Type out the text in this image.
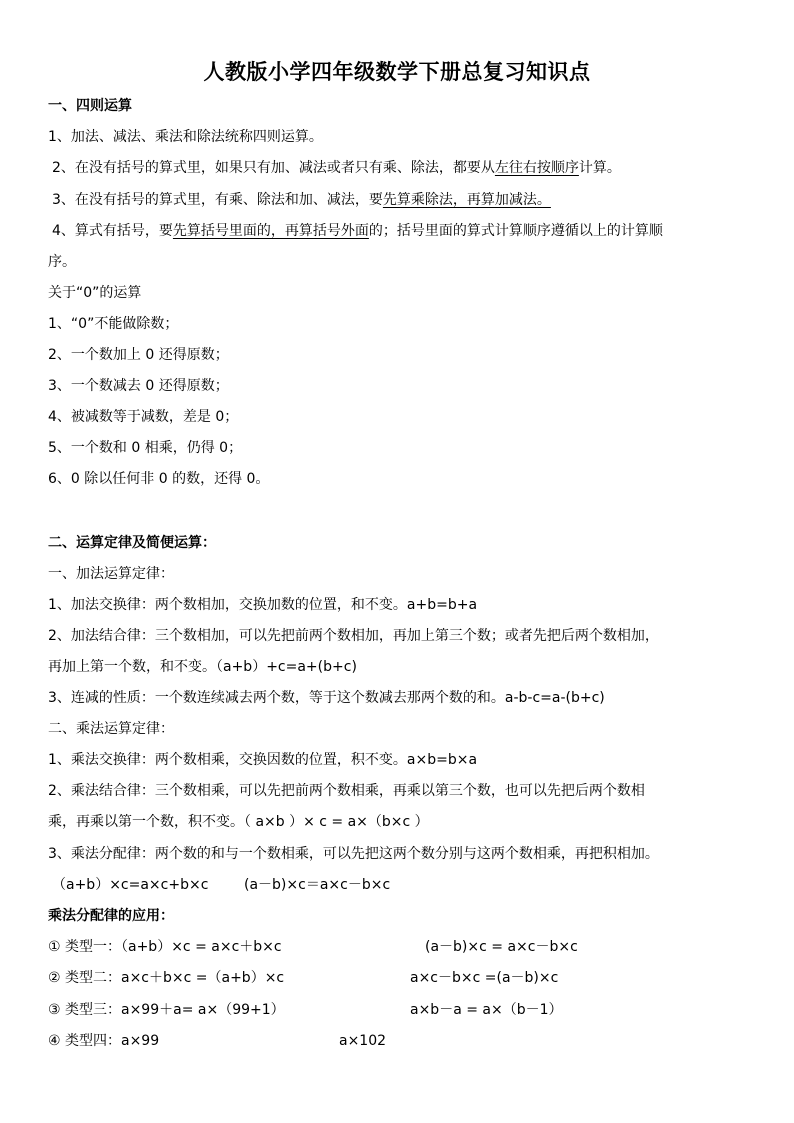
人教版小学四年级数学下册总复习知识点
一、四则运算
1、加法、减法、乘法和除法统称四则运算。
2、在没有括号的算式里，如果只有加、减法或者只有乘、除法，都要从左往右按顺序计算。
3、在没有括号的算式里，有乘、除法和加、减法，要先算乘除法，再算加减法。
4、算式有括号，要先算括号里面的，再算括号外面的；括号里面的算式计算顺序遵循以上的计算顺
序。
关于“0”的运算
1、“0”不能做除数；
2、一个数加上 0 还得原数；
3、一个数减去 0 还得原数；
4、被减数等于减数，差是 0；
5、一个数和 0 相乘，仍得 0；
6、0 除以任何非 0 的数，还得 0。
二、运算定律及简便运算：
一、加法运算定律：
1、加法交换律：两个数相加，交换加数的位置，和不变。a+b=b+a
2、加法结合律：三个数相加，可以先把前两个数相加，再加上第三个数；或者先把后两个数相加，
再加上第一个数，和不变。（a+b）+c=a+(b+c)
3、连减的性质：一个数连续减去两个数，等于这个数减去那两个数的和。a-b-c=a-(b+c)
二、乘法运算定律：
1、乘法交换律：两个数相乘，交换因数的位置，积不变。a×b=b×a
2、乘法结合律：三个数相乘，可以先把前两个数相乘，再乘以第三个数，也可以先把后两个数相
乘，再乘以第一个数，积不变。（ a×b ）× c = a×（b×c ）
3、乘法分配律：两个数的和与一个数相乘，可以先把这两个数分别与这两个数相乘，再把积相加。
（a+b）×c=a×c+b×c	(a－b)×c＝a×c－b×c
乘法分配律的应用：
① 类型一：（a+b）×c = a×c＋b×c	(a－b)×c = a×c－b×c
② 类型二：a×c＋b×c =（a+b）×c	a×c－b×c =(a－b)×c
③ 类型三：a×99＋a= a×（99+1）	a×b－a = a×（b－1）
④ 类型四：a×99	a×102
